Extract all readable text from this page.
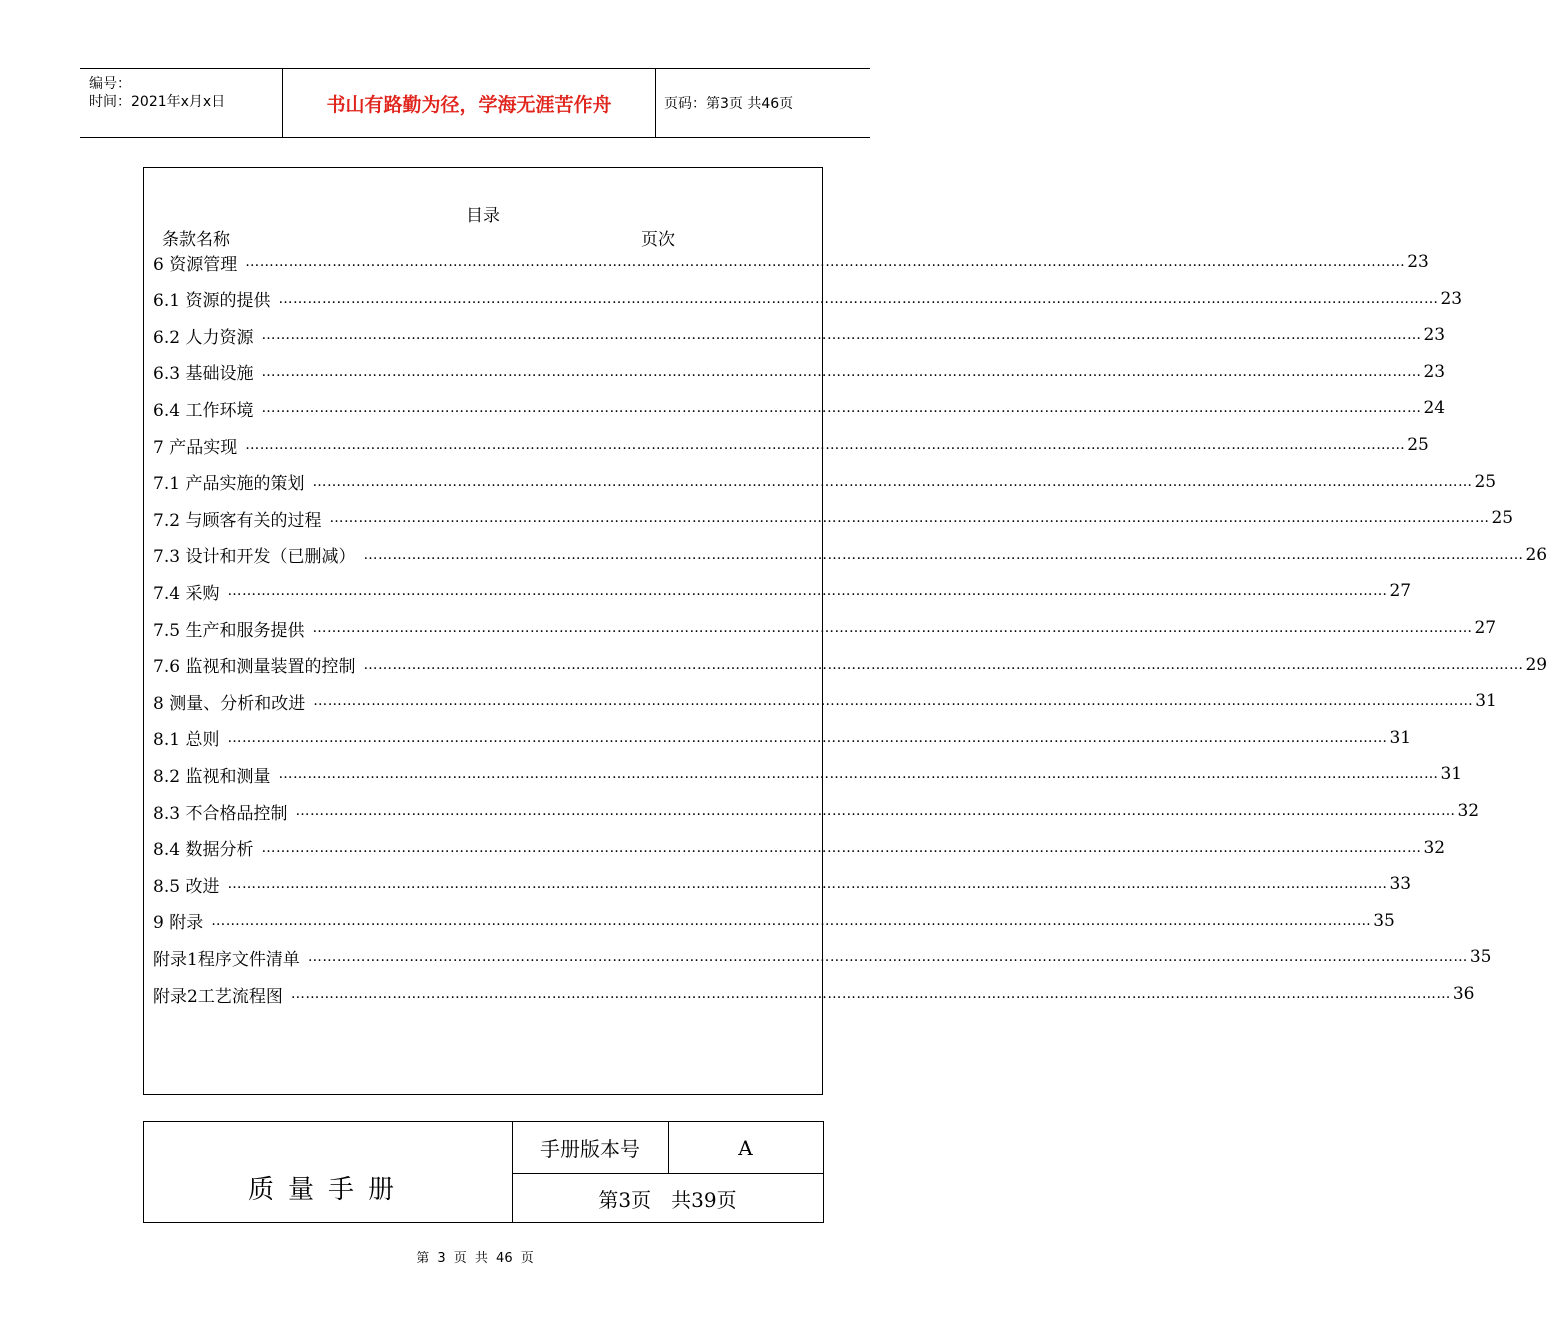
编号：
时间：2021年x月x日	书山有路勤为径，学海无涯苦作舟	页码：第3页 共46页
目录
条款名称	页次
6 资源管理 …………………………………………………………………………………………………………………………………………………………………………………………………………………… 23
6.1 资源的提供 …………………………………………………………………………………………………………………………………………………………………………………………………………………… 23
6.2 人力资源 …………………………………………………………………………………………………………………………………………………………………………………………………………………… 23
6.3 基础设施 …………………………………………………………………………………………………………………………………………………………………………………………………………………… 23
6.4 工作环境 …………………………………………………………………………………………………………………………………………………………………………………………………………………… 24
7 产品实现 …………………………………………………………………………………………………………………………………………………………………………………………………………………… 25
7.1 产品实施的策划 …………………………………………………………………………………………………………………………………………………………………………………………………………………… 25
7.2 与顾客有关的过程 …………………………………………………………………………………………………………………………………………………………………………………………………………………… 25
7.3 设计和开发（已删减） …………………………………………………………………………………………………………………………………………………………………………………………………………………… 26
7.4 采购 …………………………………………………………………………………………………………………………………………………………………………………………………………………… 27
7.5 生产和服务提供 …………………………………………………………………………………………………………………………………………………………………………………………………………………… 27
7.6 监视和测量装置的控制 …………………………………………………………………………………………………………………………………………………………………………………………………………………… 29
8 测量、分析和改进 …………………………………………………………………………………………………………………………………………………………………………………………………………………… 31
8.1 总则 …………………………………………………………………………………………………………………………………………………………………………………………………………………… 31
8.2 监视和测量 …………………………………………………………………………………………………………………………………………………………………………………………………………………… 31
8.3 不合格品控制 …………………………………………………………………………………………………………………………………………………………………………………………………………………… 32
8.4 数据分析 …………………………………………………………………………………………………………………………………………………………………………………………………………………… 32
8.5 改进 …………………………………………………………………………………………………………………………………………………………………………………………………………………… 33
9 附录 …………………………………………………………………………………………………………………………………………………………………………………………………………………… 35
附录1程序文件清单 …………………………………………………………………………………………………………………………………………………………………………………………………………………… 35
附录2工艺流程图 …………………………………………………………………………………………………………………………………………………………………………………………………………………… 36
质量手册
手册版本号	A
第3页 共39页
第 3 页 共 46 页
